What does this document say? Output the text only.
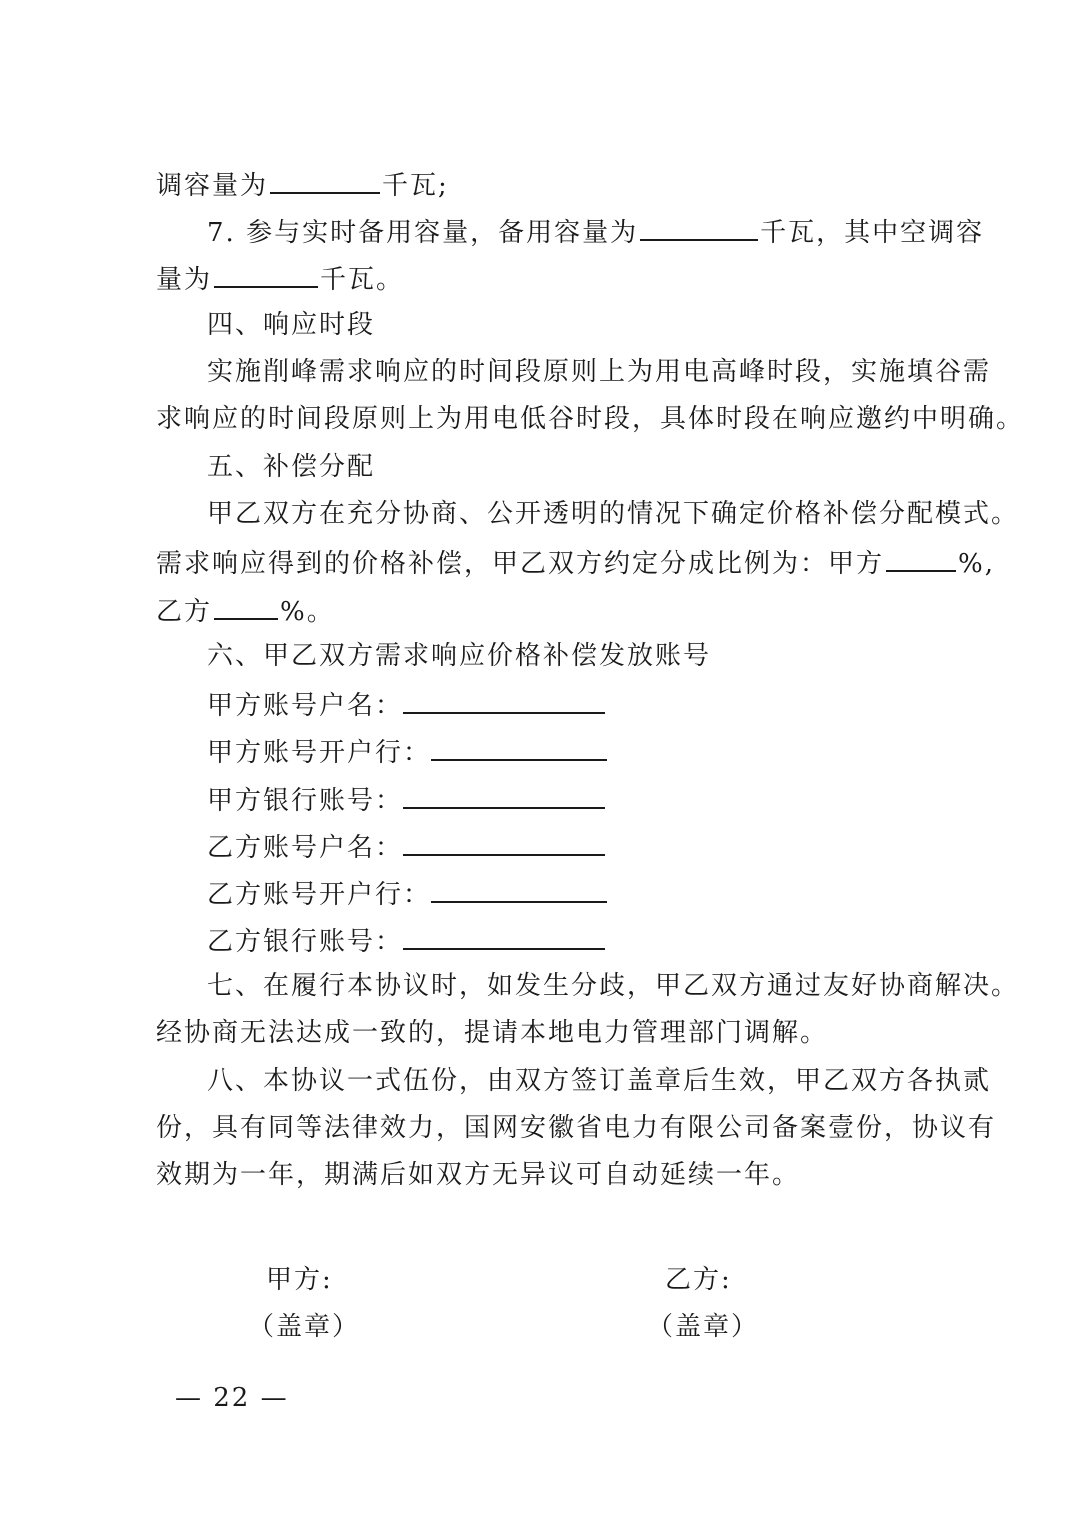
调容量为	千瓦;
7. 参与实时备用容量，备用容量为	千瓦，其中空调容
量为	千瓦。
四、响应时段
实施削峰需求响应的时间段原则上为用电高峰时段，实施填谷需
求响应的时间段原则上为用电低谷时段，具体时段在响应邀约中明确。
五、补偿分配
甲乙双方在充分协商、公开透明的情况下确定价格补偿分配模式。
需求响应得到的价格补偿，甲乙双方约定分成比例为：甲方	%,
乙方	%。
六、甲乙双方需求响应价格补偿发放账号
甲方账号户名：
甲方账号开户行：
甲方银行账号：
乙方账号户名：
乙方账号开户行：
乙方银行账号：
七、在履行本协议时，如发生分歧，甲乙双方通过友好协商解决。
经协商无法达成一致的，提请本地电力管理部门调解。
八、本协议一式伍份，由双方签订盖章后生效，甲乙双方各执贰
份，具有同等法律效力，国网安徽省电力有限公司备案壹份，协议有
效期为一年，期满后如双方无异议可自动延续一年。
甲方:
（盖章）
乙方:
（盖章）
— 22 —
